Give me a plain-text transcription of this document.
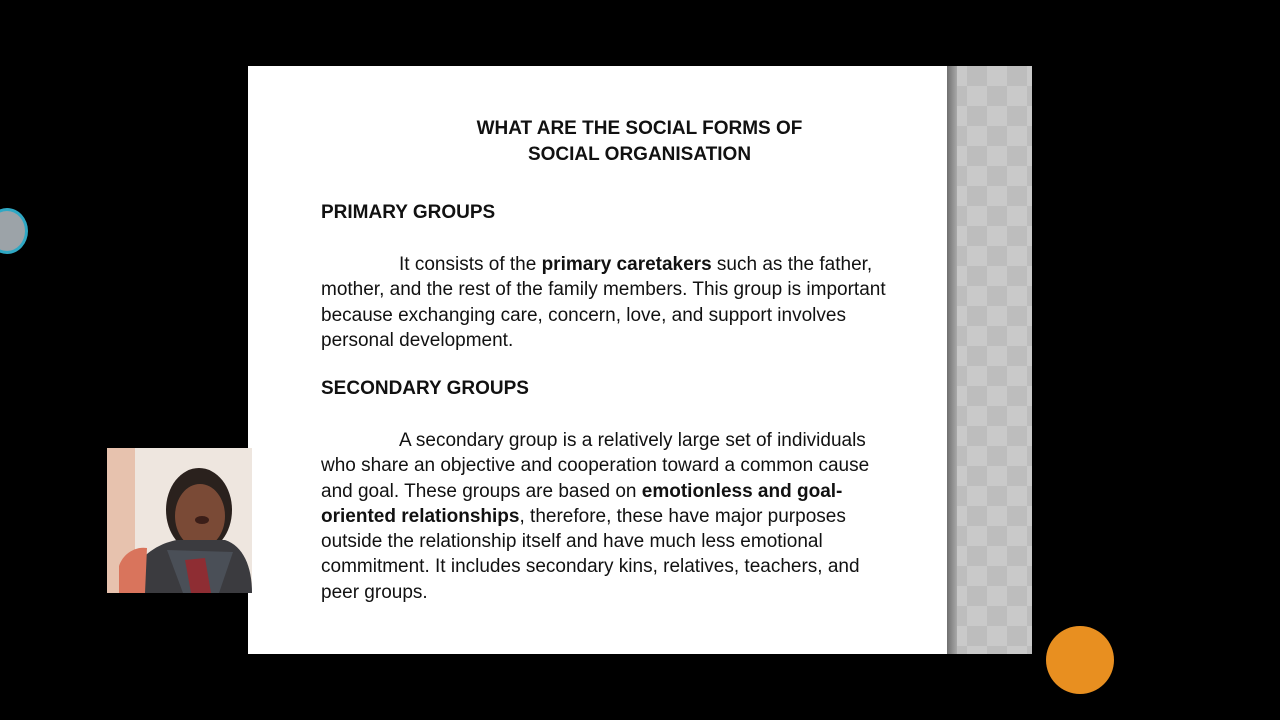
WHAT ARE THE SOCIAL FORMS OF
SOCIAL ORGANISATION
PRIMARY GROUPS

It consists of the primary caretakers such as the father, mother, and the rest of the family members. This group is important because exchanging care, concern, love, and support involves personal development.

SECONDARY GROUPS

A secondary group is a relatively large set of individuals who share an objective and cooperation toward a common cause and goal. These groups are based on emotionless and goal-oriented relationships, therefore, these have major purposes outside the relationship itself and have much less emotional commitment. It includes secondary kins, relatives, teachers, and peer groups.
